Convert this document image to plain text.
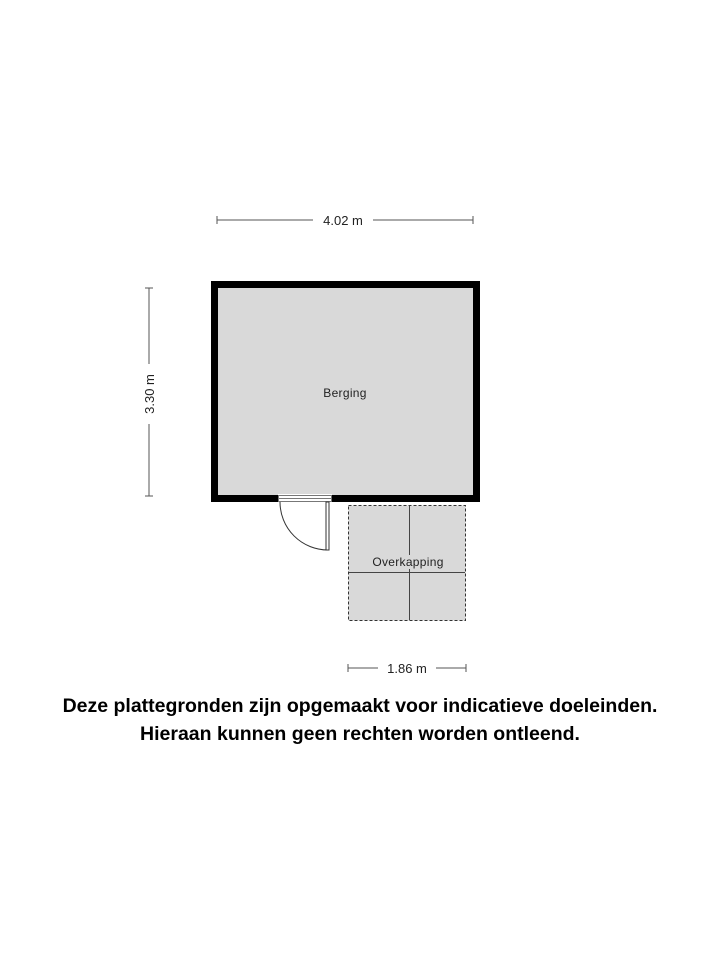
4.02 m
3.30 m	Berging
Overkapping
1.86 m
Deze plattegronden zijn opgemaakt voor indicatieve doeleinden.
Hieraan kunnen geen rechten worden ontleend.
